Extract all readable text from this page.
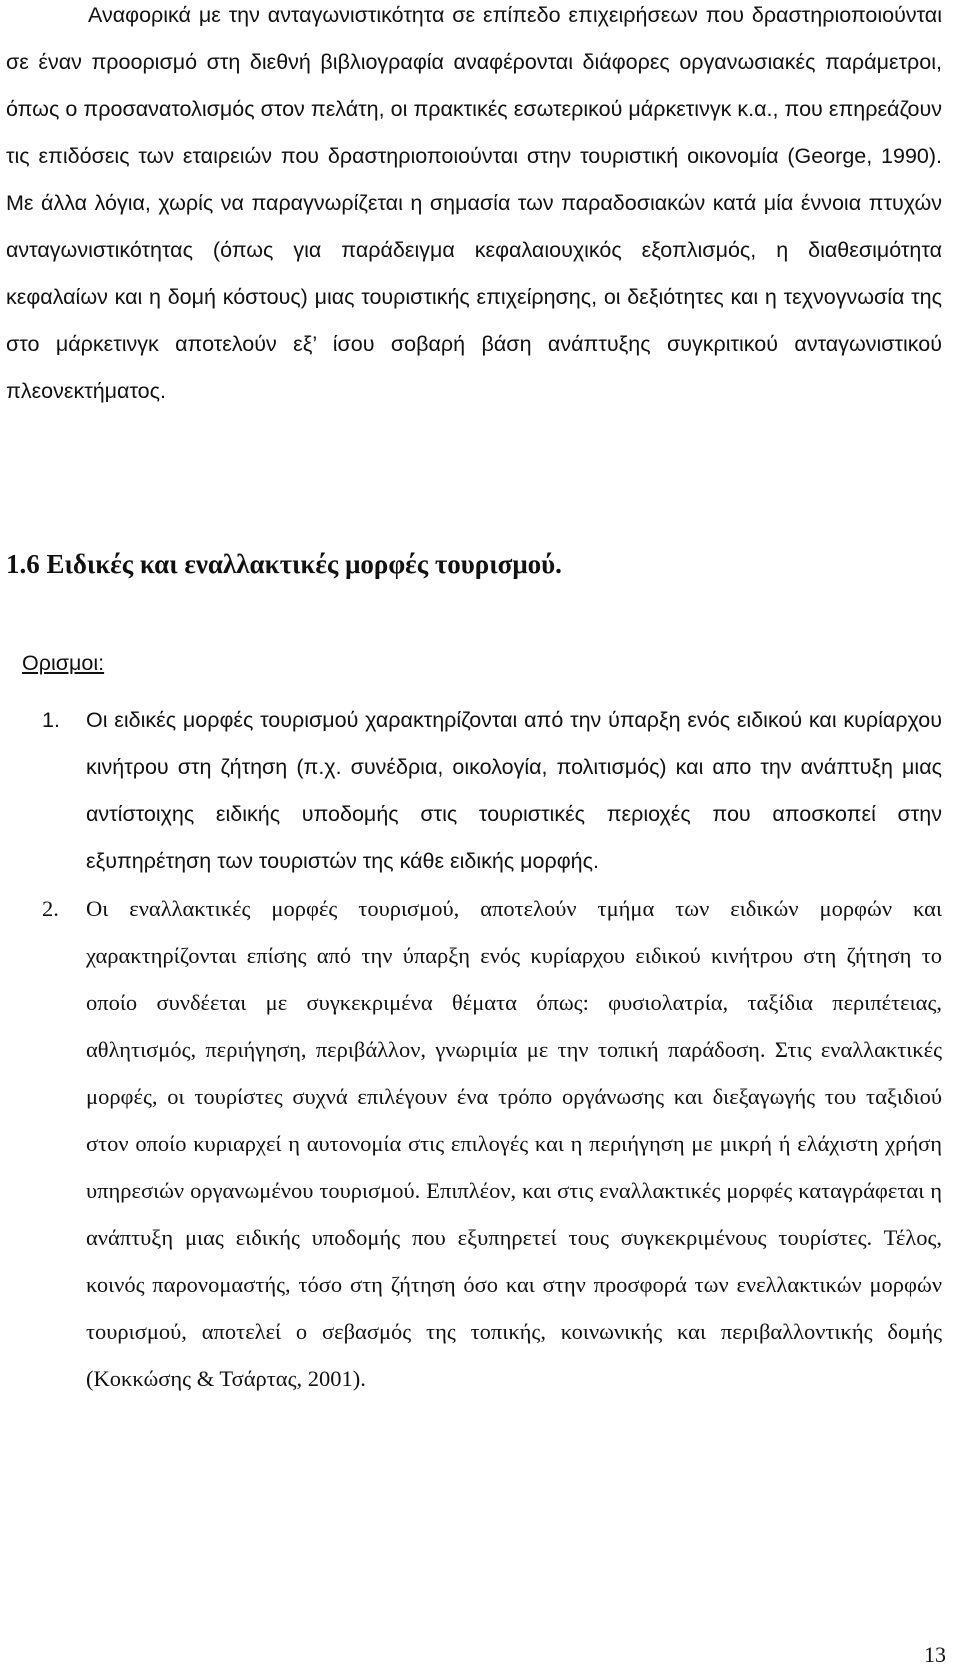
Αναφορικά με την ανταγωνιστικότητα σε επίπεδο επιχειρήσεων που δραστηριοποιούνται σε έναν προορισμό στη διεθνή βιβλιογραφία αναφέρονται διάφορες οργανωσιακές παράμετροι, όπως ο προσανατολισμός στον πελάτη, οι πρακτικές εσωτερικού μάρκετινγκ κ.α., που επηρεάζουν τις επιδόσεις των εταιρειών που δραστηριοποιούνται στην τουριστική οικονομία (George, 1990). Με άλλα λόγια, χωρίς να παραγνωρίζεται η σημασία των παραδοσιακών κατά μία έννοια πτυχών ανταγωνιστικότητας (όπως για παράδειγμα κεφαλαιουχικός εξοπλισμός, η διαθεσιμότητα κεφαλαίων και η δομή κόστους) μιας τουριστικής επιχείρησης, οι δεξιότητες και η τεχνογνωσία της στο μάρκετινγκ αποτελούν εξ’ ίσου σοβαρή βάση ανάπτυξης συγκριτικού ανταγωνιστικού πλεονεκτήματος.

1.6 Ειδικές και εναλλακτικές μορφές τουρισμού.

Ορισμοι:

1. Οι ειδικές μορφές τουρισμού χαρακτηρίζονται από την ύπαρξη ενός ειδικού και κυρίαρχου κινήτρου στη ζήτηση (π.χ. συνέδρια, οικολογία, πολιτισμός) και απο την ανάπτυξη μιας αντίστοιχης ειδικής υποδομής στις τουριστικές περιοχές που αποσκοπεί στην εξυπηρέτηση των τουριστών της κάθε ειδικής μορφής.

2. Οι εναλλακτικές μορφές τουρισμού, αποτελούν τμήμα των ειδικών μορφών και χαρακτηρίζονται επίσης από την ύπαρξη ενός κυρίαρχου ειδικού κινήτρου στη ζήτηση το οποίο συνδέεται με συγκεκριμένα θέματα όπως: φυσιολατρία, ταξίδια περιπέτειας, αθλητισμός, περιήγηση, περιβάλλον, γνωριμία με την τοπική παράδοση. Στις εναλλακτικές μορφές, οι τουρίστες συχνά επιλέγουν ένα τρόπο οργάνωσης και διεξαγωγής του ταξιδιού στον οποίο κυριαρχεί η αυτονομία στις επιλογές και η περιήγηση με μικρή ή ελάχιστη χρήση υπηρεσιών οργανωμένου τουρισμού. Επιπλέον, και στις εναλλακτικές μορφές καταγράφεται η ανάπτυξη μιας ειδικής υποδομής που εξυπηρετεί τους συγκεκριμένους τουρίστες. Τέλος, κοινός παρονομαστής, τόσο στη ζήτηση όσο και στην προσφορά των ενελλακτικών μορφών τουρισμού, αποτελεί ο σεβασμός της τοπικής, κοινωνικής και περιβαλλοντικής δομής (Κοκκώσης & Τσάρτας, 2001).

13
